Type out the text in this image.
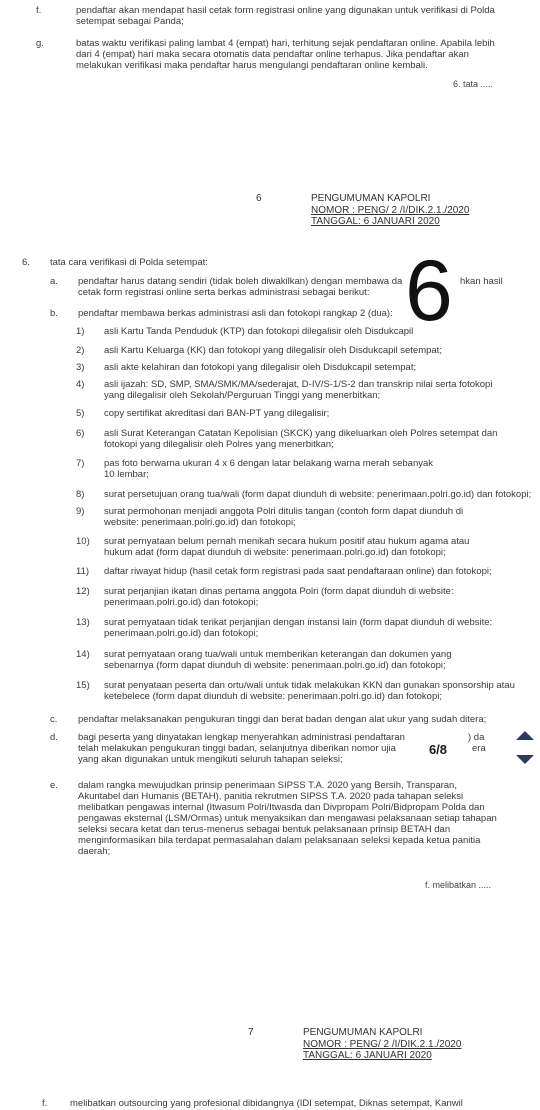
f.	pendaftar akan mendapat hasil cetak form registrasi online yang digunakan untuk verifikasi di Polda
setempat sebagai Panda;
g.	batas waktu verifikasi paling lambat 4 (empat) hari, terhitung sejak pendaftaran online. Apabila lebih
dari 4 (empat) hari maka secara otomatis data pendaftar online terhapus. Jika pendaftar akan
melakukan verifikasi maka pendaftar harus mengulangi pendaftaran online kembali.
6. tata .....
6	PENGUMUMAN KAPOLRI
NOMOR : PENG/ 2 /I/DIK.2.1./2020
TANGGAL: 6 JANUARI 2020
6. tata cara verifikasi di Polda setempat:
a. pendaftar harus datang sendiri (tidak boleh diwakilkan) dengan membawa da
cetak form registrasi online serta berkas administrasi sebagai berikut:
hkan hasil
b. pendaftar membawa berkas administrasi asli dan fotokopi rangkap 2 (dua):
1) asli Kartu Tanda Penduduk (KTP) dan fotokopi dilegalisir oleh Disdukcapil
2) asli Kartu Keluarga (KK) dan fotokopi yang dilegalisir oleh Disdukcapil setempat;
3) asli akte kelahiran dan fotokopi yang dilegalisir oleh Disdukcapil setempat;
4) asli ijazah: SD, SMP, SMA/SMK/MA/sederajat, D-IV/S-1/S-2 dan transkrip nilai serta fotokopi
yang dilegalisir oleh Sekolah/Perguruan Tinggi yang menerbitkan;
5) copy sertifikat akreditasi dari BAN-PT yang dilegalisir;
6) asli Surat Keterangan Catatan Kepolisian (SKCK) yang dikeluarkan oleh Polres setempat dan
fotokopi yang dilegalisir oleh Polres yang menerbitkan;
7) pas foto berwarna ukuran 4 x 6 dengan latar belakang warna merah sebanyak
10 lembar;
8) surat persetujuan orang tua/wali (form dapat diunduh di website: penerimaan.polri.go.id) dan fotokopi;
9) surat permohonan menjadi anggota Polri ditulis tangan (contoh form dapat diunduh di
website: penerimaan.polri.go.id) dan fotokopi;
10) surat pernyataan belum pernah menikah secara hukum positif atau hukum agama atau
hukum adat (form dapat diunduh di website: penerimaan.polri.go.id) dan fotokopi;
11) daftar riwayat hidup (hasil cetak form registrasi pada saat pendaftaraan online) dan fotokopi;
12) surat perjanjian ikatan dinas pertama anggota Polri (form dapat diunduh di website:
penerimaan.polri.go.id) dan fotokopi;
13) surat pernyataan tidak terikat perjanjian dengan instansi lain (form dapat diunduh di website:
penerimaan.polri.go.id) dan fotokopi;
14) surat pernyataan orang tua/wali untuk memberikan keterangan dan dokumen yang
sebenarnya (form dapat diunduh di website: penerimaan.polri.go.id) dan fotokopi;
15) surat penyataan peserta dan ortu/wali untuk tidak melakukan KKN dan gunakan sponsorship atau
ketebelece (form dapat diunduh di website: penerimaan.polri.go.id) dan fotokopi;
c. pendaftar melaksanakan pengukuran tinggi dan berat badan dengan alat ukur yang sudah ditera;
d. bagi peserta yang dinyatakan lengkap menyerahkan administrasi pendaftaran
telah melakukan pengukuran tinggi badan, selanjutnya diberikan nomor ujia
yang akan digunakan untuk mengikuti seluruh tahapan seleksi;
) da
era
e. dalam rangka mewujudkan prinsip penerimaan SIPSS T.A. 2020 yang Bersih, Transparan,
Akuntabel dan Humanis (BETAH), panitia rekrutmen SIPSS T.A. 2020 pada tahapan seleksi
melibatkan pengawas internal (Itwasum Polri/Itwasda dan Divpropam Polri/Bidpropam Polda dan
pengawas eksternal (LSM/Ormas) untuk menyaksikan dan mengawasi pelaksanaan setiap tahapan
seleksi secara ketat dan terus-menerus sebagai bentuk pelaksanaan prinsip BETAH dan
menginformasikan bila terdapat permasalahan dalam pelaksanaan seleksi kepada ketua panitia
daerah;
f. melibatkan .....
7	PENGUMUMAN KAPOLRI
NOMOR : PENG/ 2 /I/DIK.2.1./2020
TANGGAL: 6 JANUARI 2020
f. melibatkan outsourcing yang profesional dibidangnya (IDI setempat, Diknas setempat, Kanwil
6
6/8
